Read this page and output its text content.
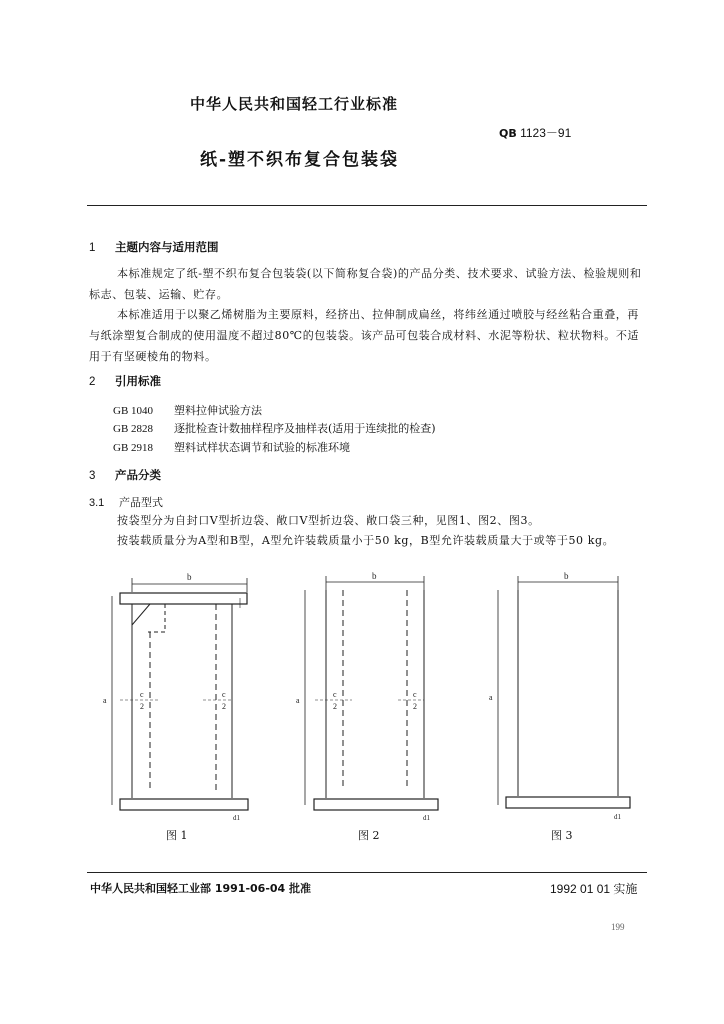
中华人民共和国轻工行业标准
QB 1123－91
纸-塑不织布复合包装袋
1 主题内容与适用范围
本标准规定了纸-塑不织布复合包装袋(以下简称复合袋)的产品分类、技术要求、试验方法、检验规则和标志、包装、运输、贮存。
本标准适用于以聚乙烯树脂为主要原料，经挤出、拉伸制成扁丝，将纬丝通过喷胶与经丝粘合重叠，再与纸涂塑复合制成的使用温度不超过80℃的包装袋。该产品可包装合成材料、水泥等粉状、粒状物料。不适用于有坚硬棱角的物料。
2 引用标准
GB 1040 塑料拉伸试验方法
GB 2828 逐批检查计数抽样程序及抽样表(适用于连续批的检查)
GB 2918 塑料试样状态调节和试验的标准环境
3 产品分类
3.1 产品型式
按袋型分为自封口V型折边袋、敞口V型折边袋、敞口袋三种，见图1、图2、图3。
按装载质量分为A型和B型，A型允许装载质量小于50 kg，B型允许装载质量大于或等于50 kg。
b
c
2
c
2
a
d1
b
c
2
c
2
a
d1
b
a
d1
图 1	图 2	图 3
中华人民共和国轻工业部 1991-06-04 批准	1992 01 01 实施
199
